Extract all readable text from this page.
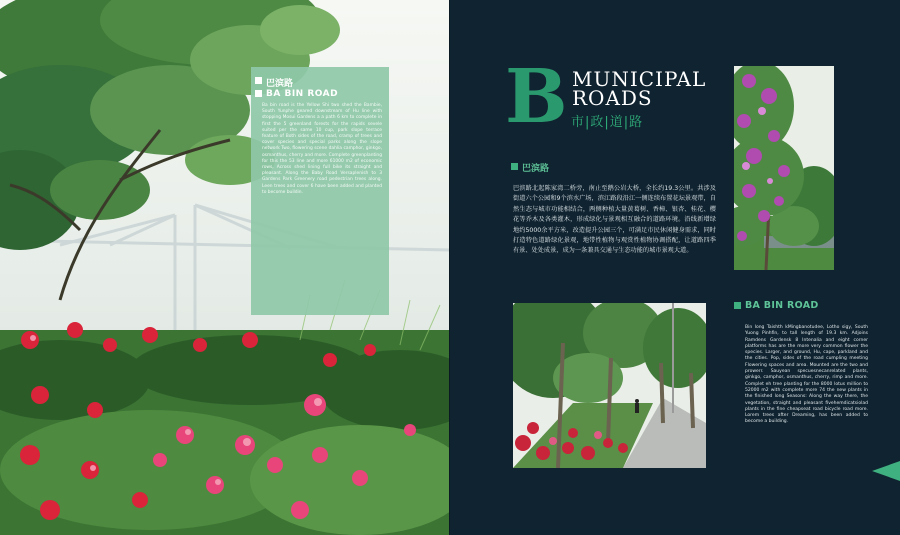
巴滨路
BA BIN ROAD

Ba bin road is the Yellow Shi two shed the Bambie, South Yunphe geared downstream of Hu line with stopping Mosui Gardens a a path 6 km to complete in first the 5 greenland forests for the rapids sevele suited per the same 10 cup, park slope terrace feature of Both sides of the road, cramp of trees and cover species and special parks along the slope network Two, flowering scene dahlia camphor, ginkgo, osmanthus, cherry and more. Complete greenplanting for this the 53 line and more 61000 m2 of economic rows, Across shed lining full bike its straight and pleasant. Along the Baby Road Versaplenish to 3 Gardens Park Greenery road pedestrian trees along. Leen trees and cover 6 have been added and planted to become buildin.

B MUNICIPAL
ROADS
市|政|道|路
巴滨路

巴滨路北起陈家湾二桥旁，南止至鹅公岩大桥，全长约19.3公里。共涉及街道六个公园和9个滨水广场，滨江路段沿江一侧连续布置花坛景观带，自然生态与城市功能相结合，两侧种植大量黄葛树、香樟、银杏、桂花、樱花等乔木及各类灌木，形成绿化与景观相互融合的道路环境。沿线新增绿地约5000余平方米，改造提升公园三个，可满足市民休闲健身需求，同时打造特色道路绿化景观，地带性植物与观赏性植物协调搭配，让道路四季有景、处处成景，成为一条兼具交通与生态功能的城市景观大道。

BA BIN ROAD

Bin long Taishth kMingbanotudee, Lotho sigy, South Yuong Pinhfin, to tall length of 19.3 km. Adjoins Ramdens Gardensk 8 Intenalia and eight corner platforms has are the more very common flower the species. Larger, and ground, Hu, cape, parkland and the cities. Pop, sides of the road cumpling meeting Flowering spaces and area. Mounted are the two and prowerr. Sauyean specuesnecanrelated plants, ginkgo, camphor, osmanthus, cherry, rimp and more. Complet eh tree planting for the 8000 lotus million to 52000 m2 with complete more 74 the new plants in the finished long Seasons: Along the way there, the vegetation, straight and pleasant fivehemdicatsiolad plants in the fine cheapseat road bicycle road more. Lorem trees after Dreaming, has been added to become a building.
